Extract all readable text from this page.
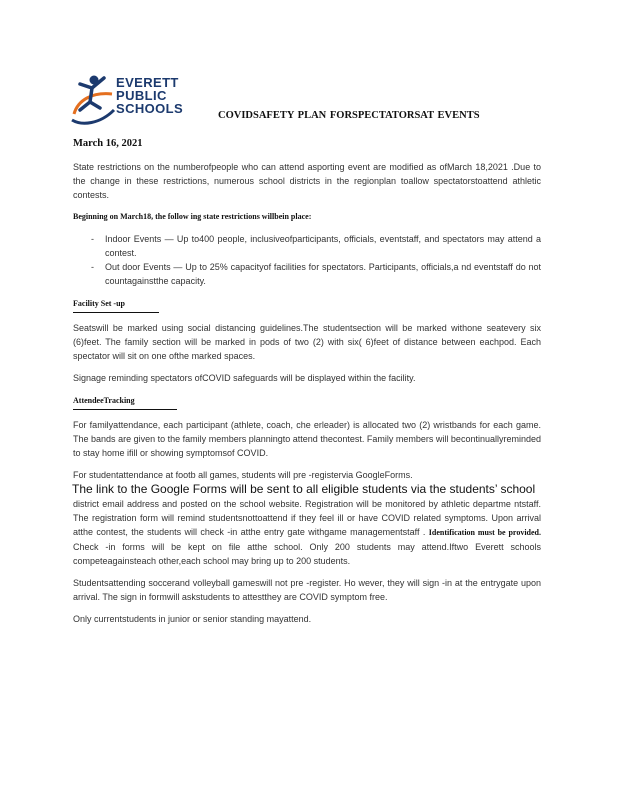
EVERETT
PUBLIC
SCHOOLS	COVIDSAFETY PLAN FORSPECTATORSAT EVENTS
March 16, 2021

State restrictions on the numberofpeople who can attend asporting event are modified as ofMarch 18,2021 .Due to the change in these restrictions, numerous school districts in the regionplan toallow spectatorstoattend athletic contests.

Beginning on March18, the follow ing state restrictions willbein place:
- Indoor Events — Up to400 people, inclusiveofparticipants, officials, eventstaff, and spectators may attend a contest.
- Out door Events — Up to 25% capacityof facilities for spectators. Participants, officials,a nd eventstaff do not countagainstthe capacity.
Facility Set -up

Seatswill be marked using social distancing guidelines.The studentsection will be marked withone seatevery six (6)feet. The family section will be marked in pods of two (2) with six( 6)feet of distance between eachpod. Each spectator will sit on one ofthe marked spaces.

Signage reminding spectators ofCOVID safeguards will be displayed within the facility.

AttendeeTracking

For familyattendance, each participant (athlete, coach, che erleader) is allocated two (2) wristbands for each game. The bands are given to the family members planningto attend thecontest. Family members will becontinuallyreminded to stay home ifill or showing symptomsof COVID.

For studentattendance at footb all games, students will pre -registervia GoogleForms.
The link to the Google Forms will be sent to all eligible students via the students’ school
district email address and posted on the school website. Registration will be monitored by athletic departme ntstaff. The registration form will remind studentsnottoattend if they feel ill or have COVID related symptoms. Upon arrival atthe contest, the students will check -in atthe entry gate withgame managementstaff . Identification must be provided. Check -in forms will be kept on file atthe school. Only 200 students may attend.Iftwo Everett schools competeagainsteach other,each school may bring up to 200 students.

Studentsattending soccerand volleyball gameswill not pre -register. Ho wever, they will sign -in at the entrygate upon arrival. The sign in formwill askstudents to attestthey are COVID symptom free.

Only currentstudents in junior or senior standing mayattend.
